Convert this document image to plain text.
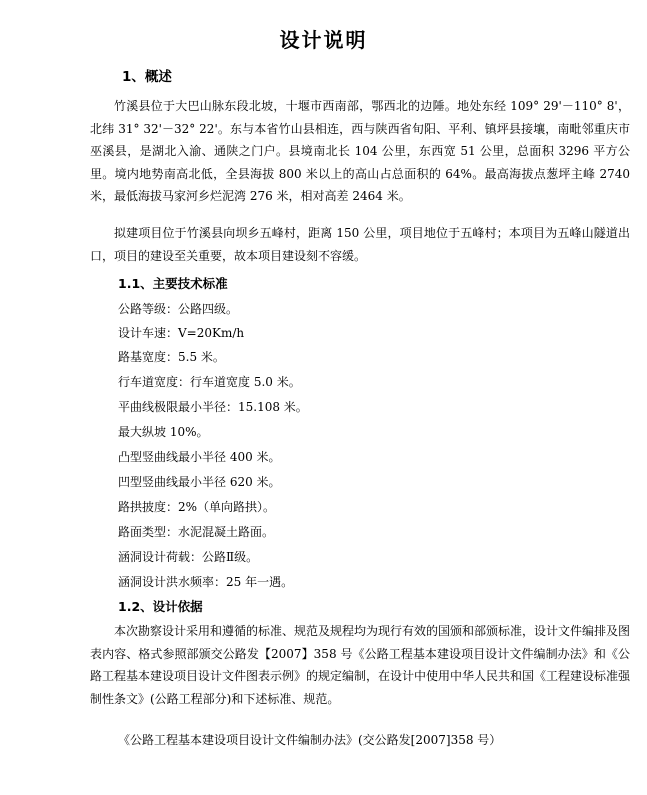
设计说明
1、概述
竹溪县位于大巴山脉东段北坡，十堰市西南部，鄂西北的边陲。地处东经 109° 29'－110° 8'，北纬 31° 32'－32° 22'。东与本省竹山县相连，西与陕西省旬阳、平利、镇坪县接壤，南毗邻重庆市巫溪县，是湖北入渝、通陕之门户。县境南北长 104 公里，东西宽 51 公里，总面积 3296 平方公里。境内地势南高北低，全县海拔 800 米以上的高山占总面积的 64%。最高海拔点葱坪主峰 2740 米，最低海拔马家河乡烂泥湾 276 米，相对高差 2464 米。
拟建项目位于竹溪县向坝乡五峰村，距离 150 公里，项目地位于五峰村；本项目为五峰山隧道出口，项目的建设至关重要，故本项目建设刻不容缓。
1.1、主要技术标准
公路等级：公路四级。
设计车速：V=20Km/h
路基宽度：5.5 米。
行车道宽度：行车道宽度 5.0 米。
平曲线极限最小半径：15.108 米。
最大纵坡 10%。
凸型竖曲线最小半径 400 米。
凹型竖曲线最小半径 620 米。
路拱披度：2%（单向路拱）。
路面类型：水泥混凝土路面。
涵洞设计荷载：公路Ⅱ级。
涵洞设计洪水频率：25 年一遇。
1.2、设计依据
本次勘察设计采用和遵循的标准、规范及规程均为现行有效的国颁和部颁标准，设计文件编排及图表内容、格式参照部颁交公路发【2007】358 号《公路工程基本建设项目设计文件编制办法》和《公路工程基本建设项目设计文件图表示例》的规定编制，在设计中使用中华人民共和国《工程建设标准强制性条文》(公路工程部分)和下述标准、规范。
《公路工程基本建设项目设计文件编制办法》(交公路发[2007]358 号）
